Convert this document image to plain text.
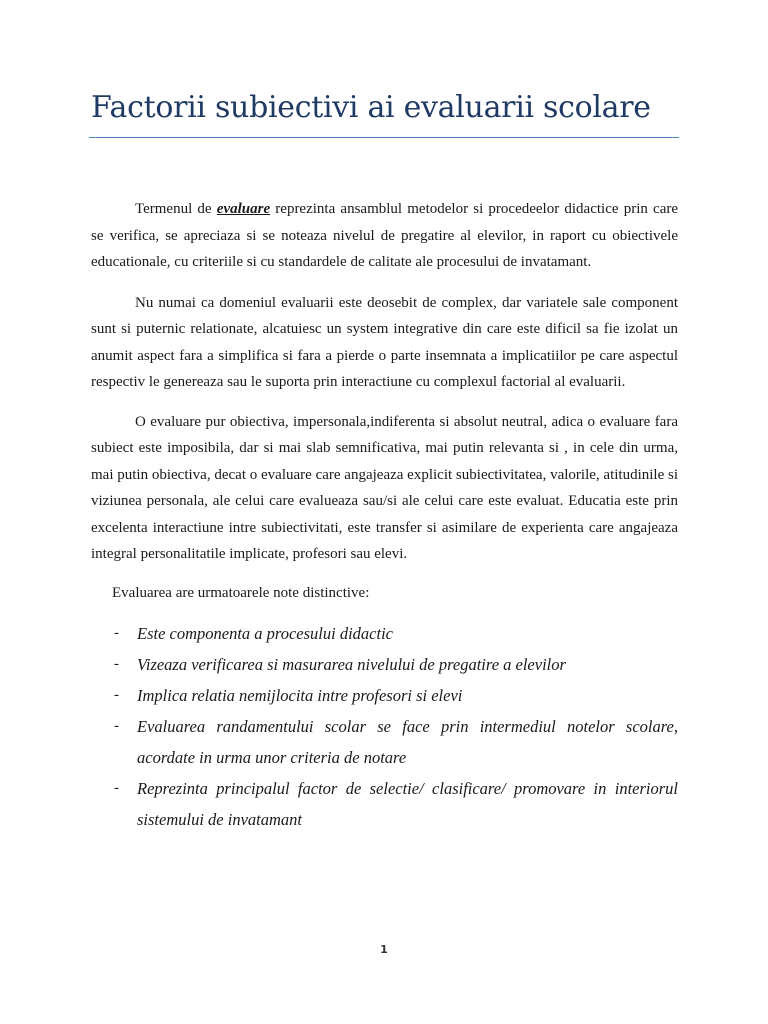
Factorii subiectivi ai evaluarii scolare

Termenul de evaluare reprezinta ansamblul metodelor si procedeelor didactice prin care se verifica, se apreciaza si se noteaza nivelul de pregatire al elevilor, in raport cu obiectivele educationale, cu criteriile si cu standardele de calitate ale procesului de invatamant.

Nu numai ca domeniul evaluarii este deosebit de complex, dar variatele sale component sunt si puternic relationate, alcatuiesc un system integrative din care este dificil sa fie izolat un anumit aspect fara a simplifica si fara a pierde o parte insemnata a implicatiilor pe care aspectul respectiv le genereaza sau le suporta prin interactiune cu complexul factorial al evaluarii.

O evaluare pur obiectiva, impersonala,indiferenta si absolut neutral, adica o evaluare fara subiect este imposibila, dar si mai slab semnificativa, mai putin relevanta si , in cele din urma, mai putin obiectiva, decat o evaluare care angajeaza explicit subiectivitatea, valorile, atitudinile si viziunea personala, ale celui care evalueaza sau/si ale celui care este evaluat. Educatia este prin excelenta interactiune intre subiectivitati, este transfer si asimilare de experienta care angajeaza integral personalitatile implicate, profesori sau elevi.

Evaluarea are urmatoarele note distinctive:

- Este componenta a procesului didactic
- Vizeaza verificarea si masurarea nivelului de pregatire a elevilor
- Implica relatia nemijlocita intre profesori si elevi
- Evaluarea randamentului scolar se face prin intermediul notelor scolare, acordate in urma unor criteria de notare
- Reprezinta principalul factor de selectie/ clasificare/ promovare in interiorul sistemului de invatamant
1
